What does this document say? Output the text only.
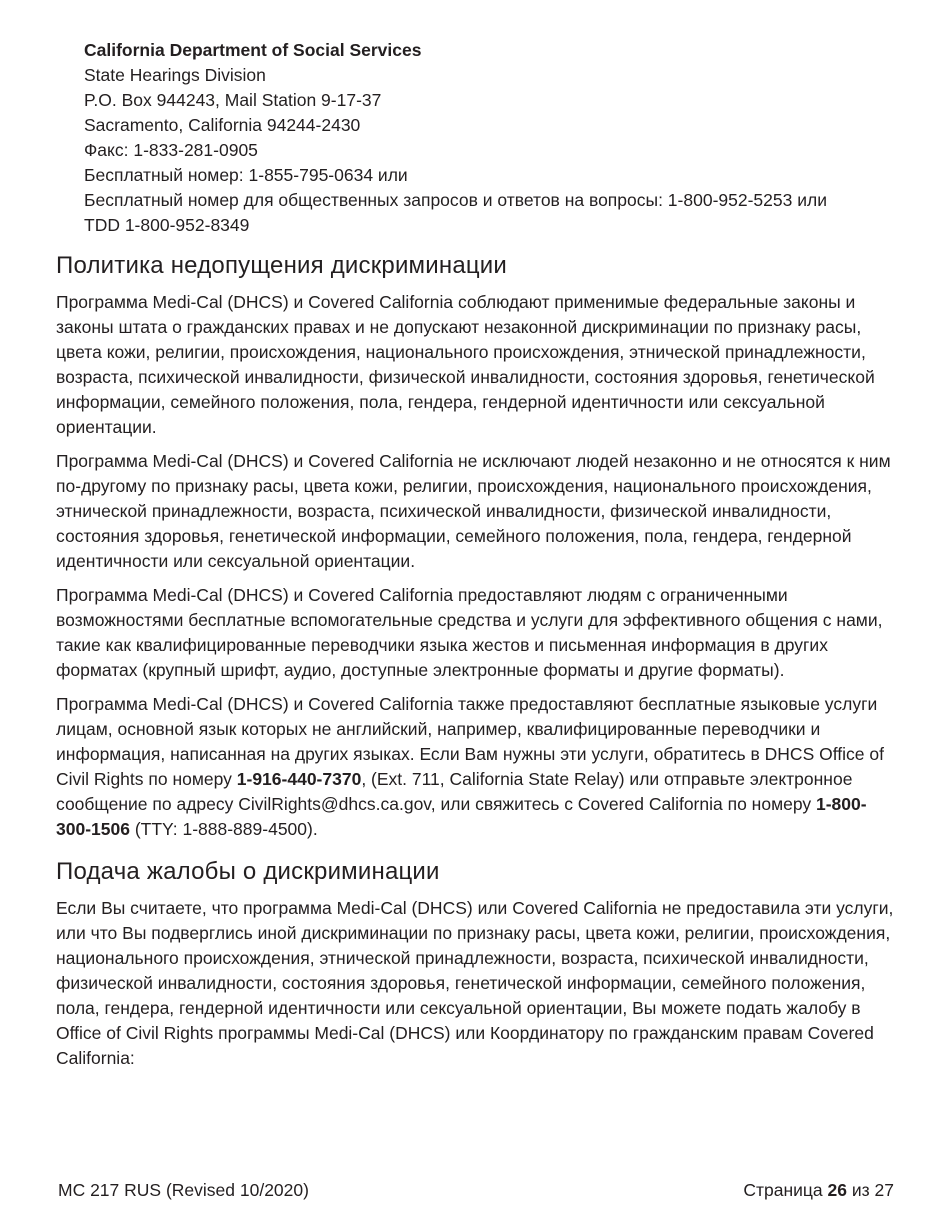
California Department of Social Services
State Hearings Division
P.O. Box 944243, Mail Station 9-17-37
Sacramento, California 94244-2430
Факс: 1-833-281-0905
Бесплатный номер: 1-855-795-0634 или
Бесплатный номер для общественных запросов и ответов на вопросы: 1-800-952-5253 или
TDD 1-800-952-8349
Политика недопущения дискриминации

Программа Medi-Cal (DHCS) и Covered California соблюдают применимые федеральные законы и законы штата о гражданских правах и не допускают незаконной дискриминации по признаку расы, цвета кожи, религии, происхождения, национального происхождения, этнической принадлежности, возраста, психической инвалидности, физической инвалидности, состояния здоровья, генетической информации, семейного положения, пола, гендера, гендерной идентичности или сексуальной ориентации.

Программа Medi-Cal (DHCS) и Covered California не исключают людей незаконно и не относятся к ним по-другому по признаку расы, цвета кожи, религии, происхождения, национального происхождения, этнической принадлежности, возраста, психической инвалидности, физической инвалидности, состояния здоровья, генетической информации, семейного положения, пола, гендера, гендерной идентичности или сексуальной ориентации.

Программа Medi-Cal (DHCS) и Covered California предоставляют людям с ограниченными возможностями бесплатные вспомогательные средства и услуги для эффективного общения с нами, такие как квалифицированные переводчики языка жестов и письменная информация в других форматах (крупный шрифт, аудио, доступные электронные форматы и другие форматы).

Программа Medi-Cal (DHCS) и Covered California также предоставляют бесплатные языковые услуги лицам, основной язык которых не английский, например, квалифицированные переводчики и информация, написанная на других языках. Если Вам нужны эти услуги, обратитесь в DHCS Office of Civil Rights по номеру 1-916-440-7370, (Ext. 711, California State Relay) или отправьте электронное сообщение по адресу CivilRights@dhcs.ca.gov, или свяжитесь с Covered California по номеру 1-800-300-1506 (TTY: 1-888-889-4500).

Подача жалобы о дискриминации

Если Вы считаете, что программа Medi-Cal (DHCS) или Covered California не предоставила эти услуги, или что Вы подверглись иной дискриминации по признаку расы, цвета кожи, религии, происхождения, национального происхождения, этнической принадлежности, возраста, психической инвалидности, физической инвалидности, состояния здоровья, генетической информации, семейного положения, пола, гендера, гендерной идентичности или сексуальной ориентации, Вы можете подать жалобу в Office of Civil Rights программы Medi-Cal (DHCS) или Координатору по гражданским правам Covered California:

MC 217 RUS (Revised 10/2020)	Страница 26 из 27
